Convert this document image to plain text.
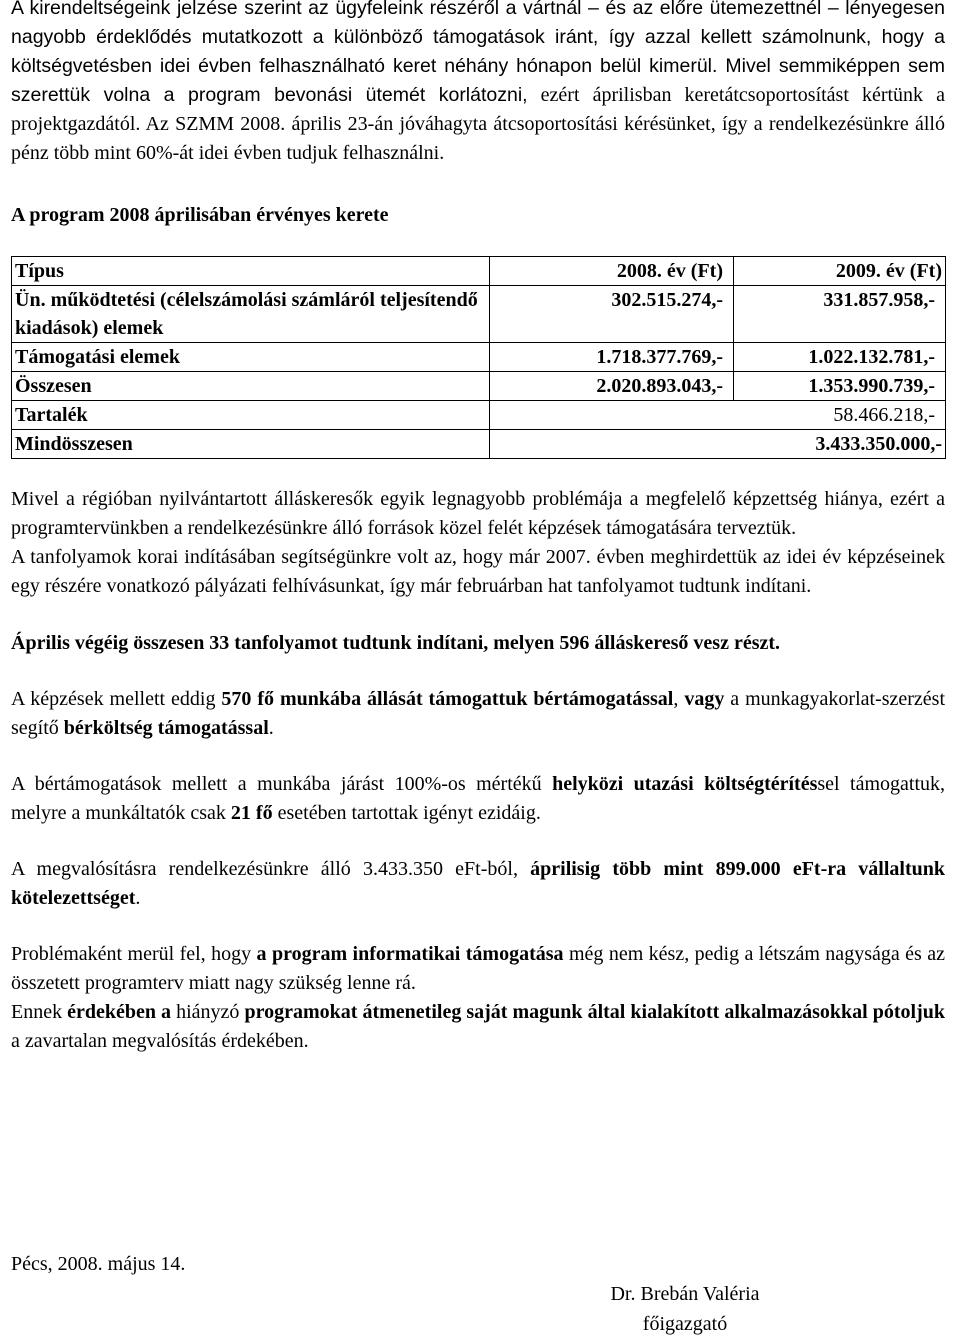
A kirendeltségeink jelzése szerint az ügyfeleink részéről a vártnál – és az előre ütemezettnél – lényegesen nagyobb érdeklődés mutatkozott a különböző támogatások iránt, így azzal kellett számolnunk, hogy a költségvetésben idei évben felhasználható keret néhány hónapon belül kimerül. Mivel semmiképpen sem szerettük volna a program bevonási ütemét korlátozni, ezért áprilisban keretátcsoportosítást kértünk a projektgazdától. Az SZMM 2008. április 23-án jóváhagyta átcsoportosítási kérésünket, így a rendelkezésünkre álló pénz több mint 60%-át idei évben tudjuk felhasználni.

A program 2008 áprilisában érvényes kerete

Típus	2008. év (Ft)	2009. év (Ft)
Ün. működtetési (célelszámolási számláról teljesítendő kiadások) elemek	302.515.274,-	331.857.958,-
Támogatási elemek	1.718.377.769,-	1.022.132.781,-
Összesen	2.020.893.043,-	1.353.990.739,-
Tartalék	58.466.218,-	
Mindösszesen	3.433.350.000,-	

Mivel a régióban nyilvántartott álláskeresők egyik legnagyobb problémája a megfelelő képzettség hiánya, ezért a programtervünkben a rendelkezésünkre álló források közel felét képzések támogatására terveztük.

A tanfolyamok korai indításában segítségünkre volt az, hogy már 2007. évben meghirdettük az idei év képzéseinek egy részére vonatkozó pályázati felhívásunkat, így már februárban hat tanfolyamot tudtunk indítani.

Április végéig összesen 33 tanfolyamot tudtunk indítani, melyen 596 álláskereső vesz részt.

A képzések mellett eddig 570 fő munkába állását támogattuk bértámogatással, vagy a munkagyakorlat-szerzést segítő bérköltség támogatással.

A bértámogatások mellett a munkába járást 100%-os mértékű helyközi utazási költségtérítéssel támogattuk, melyre a munkáltatók csak 21 fő esetében tartottak igényt ezidáig.

A megvalósításra rendelkezésünkre álló 3.433.350 eFt-ból, áprilisig több mint 899.000 eFt-ra vállaltunk kötelezettséget.

Problémaként merül fel, hogy a program informatikai támogatása még nem kész, pedig a létszám nagysága és az összetett programterv miatt nagy szükség lenne rá.

Ennek érdekében a hiányzó programokat átmenetileg saját magunk által kialakított alkalmazásokkal pótoljuk a zavartalan megvalósítás érdekében.

Pécs, 2008. május 14.

Dr. Brebán Valéria
főigazgató
